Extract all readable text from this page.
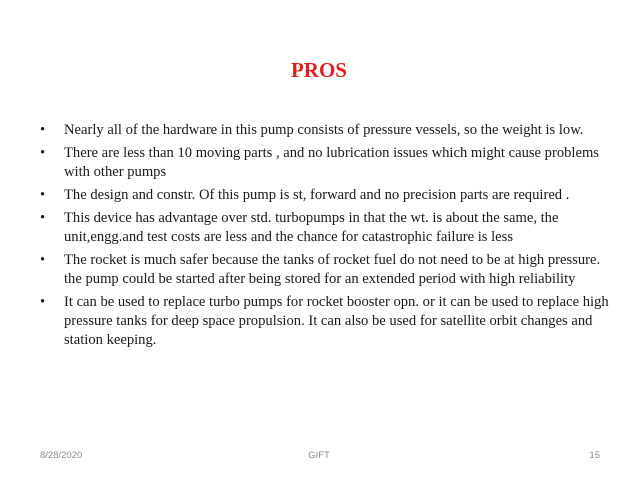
PROS
•	Nearly all of the hardware in this pump consists of pressure vessels, so the weight is low.
•	There are less than 10 moving parts , and no lubrication issues which might cause problems with other pumps
•	The design and constr. Of this pump is st, forward and no precision parts are required .
•	This device has advantage over std. turbopumps in that the wt. is about the same, the unit,engg.and test costs are less and the chance for catastrophic failure is less
•	The rocket is much safer because the tanks of rocket fuel do not need to be at high pressure. the pump could be started after being stored for an extended period with high reliability
•	It can be used to replace turbo pumps for rocket booster opn. or it can be used to replace high pressure tanks for deep space propulsion. It can also be used for satellite orbit changes and station keeping.
8/28/2020	GIFT	15
